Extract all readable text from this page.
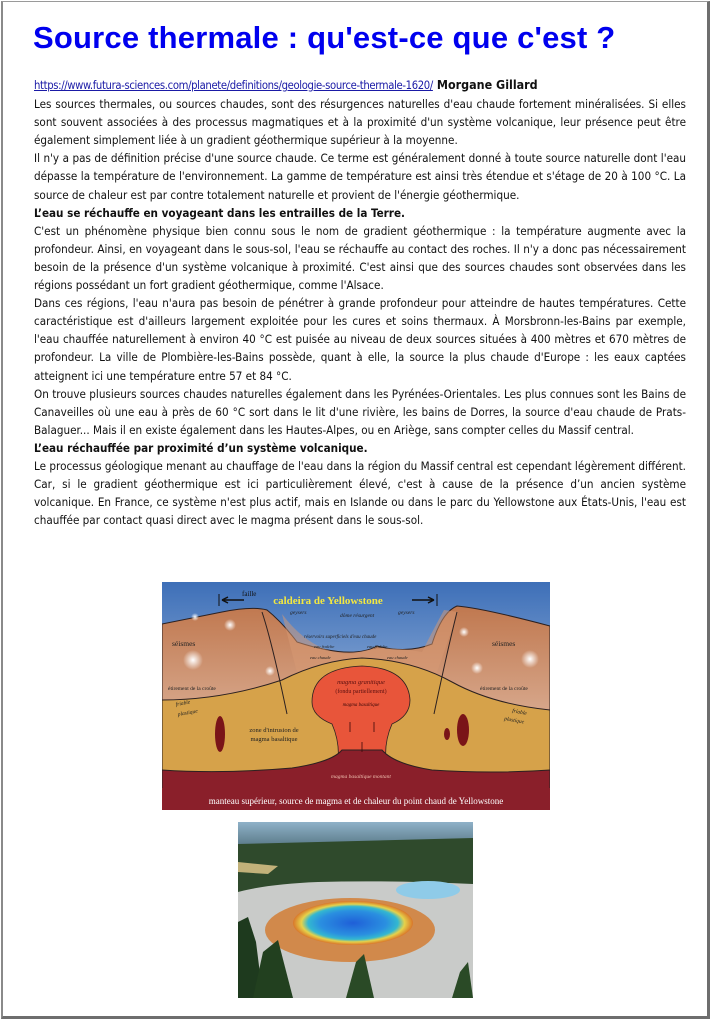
Source thermale : qu'est-ce que c'est ?

https://www.futura-sciences.com/planete/definitions/geologie-source-thermale-1620/ Morgane Gillard

Les sources thermales, ou sources chaudes, sont des résurgences naturelles d'eau chaude fortement minéralisées. Si elles sont souvent associées à des processus magmatiques et à la proximité d'un système volcanique, leur présence peut être également simplement liée à un gradient géothermique supérieur à la moyenne.

Il n'y a pas de définition précise d'une source chaude. Ce terme est généralement donné à toute source naturelle dont l'eau dépasse la température de l'environnement. La gamme de température est ainsi très étendue et s'étage de 20 à 100 °C. La source de chaleur est par contre totalement naturelle et provient de l'énergie géothermique.

L’eau se réchauffe en voyageant dans les entrailles de la Terre.

C'est un phénomène physique bien connu sous le nom de gradient géothermique : la température augmente avec la profondeur. Ainsi, en voyageant dans le sous-sol, l'eau se réchauffe au contact des roches. Il n'y a donc pas nécessairement besoin de la présence d'un système volcanique à proximité. C'est ainsi que des sources chaudes sont observées dans les régions possédant un fort gradient géothermique, comme l'Alsace.

Dans ces régions, l'eau n'aura pas besoin de pénétrer à grande profondeur pour atteindre de hautes températures. Cette caractéristique est d'ailleurs largement exploitée pour les cures et soins thermaux. À Morsbronn-les-Bains par exemple, l'eau chauffée naturellement à environ 40 °C est puisée au niveau de deux sources situées à 400 mètres et 670 mètres de profondeur. La ville de Plombière-les-Bains possède, quant à elle, la source la plus chaude d'Europe : les eaux captées atteignent ici une température entre 57 et 84 °C.

On trouve plusieurs sources chaudes naturelles également dans les Pyrénées-Orientales. Les plus connues sont les Bains de Canaveilles où une eau à près de 60 °C sort dans le lit d'une rivière, les bains de Dorres, la source d'eau chaude de Prats-Balaguer... Mais il en existe également dans les Hautes-Alpes, ou en Ariège, sans compter celles du Massif central.

L’eau réchauffée par proximité d’un système volcanique.

Le processus géologique menant au chauffage de l'eau dans la région du Massif central est cependant légèrement différent. Car, si le gradient géothermique est ici particulièrement élevé, c'est à cause de la présence d’un ancien système volcanique. En France, ce système n'est plus actif, mais en Islande ou dans le parc du Yellowstone aux États-Unis, l'eau est chauffée par contact quasi direct avec le magma présent dans le sous-sol.

caldeira de Yellowstone
faille
geysers	geysers
dôme résurgent
réservoirs superficiels d'eau chaude
eau fraîche	eau fraîche
eau chaude	eau chaude
séismes	séismes
étirement de la croûte	étirement de la croûte
friable
plastique	friable
plastique
magma granitique
(fondu partiellement)
magma basaltique
zone d'intrusion de
magma basaltique
magma basaltique montant
manteau supérieur, source de magma et de chaleur du point chaud de Yellowstone
